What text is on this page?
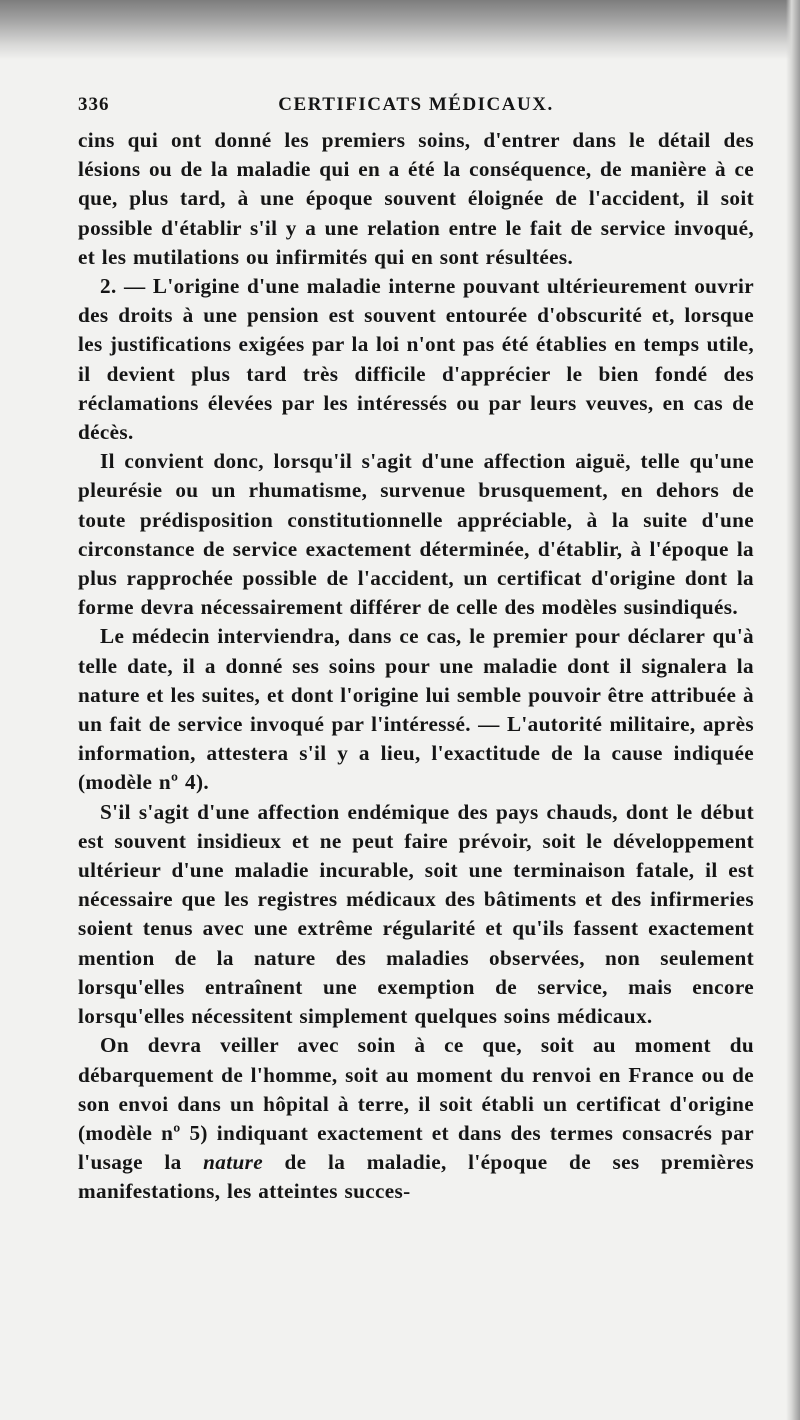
336	CERTIFICATS MÉDICAUX.

cins qui ont donné les premiers soins, d'entrer dans le détail des lésions ou de la maladie qui en a été la conséquence, de manière à ce que, plus tard, à une époque souvent éloignée de l'accident, il soit possible d'établir s'il y a une relation entre le fait de service invoqué, et les mutilations ou infirmités qui en sont résultées.

2. — L'origine d'une maladie interne pouvant ultérieurement ouvrir des droits à une pension est souvent entourée d'obscurité et, lorsque les justifications exigées par la loi n'ont pas été établies en temps utile, il devient plus tard très difficile d'apprécier le bien fondé des réclamations élevées par les intéressés ou par leurs veuves, en cas de décès.

Il convient donc, lorsqu'il s'agit d'une affection aiguë, telle qu'une pleurésie ou un rhumatisme, survenue brusquement, en dehors de toute prédisposition constitutionnelle appréciable, à la suite d'une circonstance de service exactement déterminée, d'établir, à l'époque la plus rapprochée possible de l'accident, un certificat d'origine dont la forme devra nécessairement différer de celle des modèles susindiqués.

Le médecin interviendra, dans ce cas, le premier pour déclarer qu'à telle date, il a donné ses soins pour une maladie dont il signalera la nature et les suites, et dont l'origine lui semble pouvoir être attribuée à un fait de service invoqué par l'intéressé. — L'autorité militaire, après information, attestera s'il y a lieu, l'exactitude de la cause indiquée (modèle nº 4).

S'il s'agit d'une affection endémique des pays chauds, dont le début est souvent insidieux et ne peut faire prévoir, soit le développement ultérieur d'une maladie incurable, soit une terminaison fatale, il est nécessaire que les registres médicaux des bâtiments et des infirmeries soient tenus avec une extrême régularité et qu'ils fassent exactement mention de la nature des maladies observées, non seulement lorsqu'elles entraînent une exemption de service, mais encore lorsqu'elles nécessitent simplement quelques soins médicaux.

On devra veiller avec soin à ce que, soit au moment du débarquement de l'homme, soit au moment du renvoi en France ou de son envoi dans un hôpital à terre, il soit établi un certificat d'origine (modèle nº 5) indiquant exactement et dans des termes consacrés par l'usage la nature de la maladie, l'époque de ses premières manifestations, les atteintes succes-
